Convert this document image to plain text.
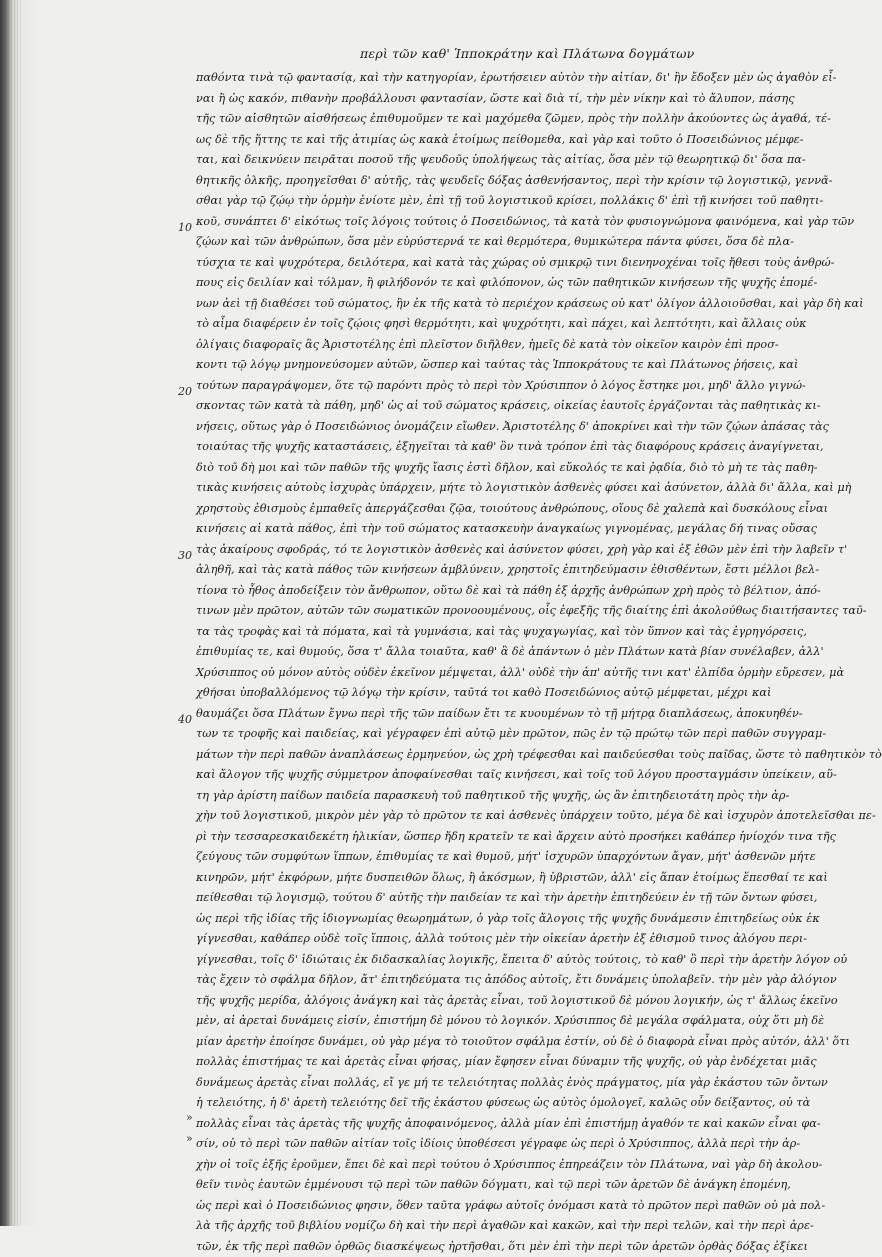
περὶ τῶν καθ' Ἱπποκράτην καὶ Πλάτωνα δογμάτων
παθόντα τινὰ τῷ φαντασίᾳ, καὶ τὴν κατηγορίαν, ἐρωτήσειεν αὐτὸν τὴν αἰτίαν, δι' ἣν ἔδοξεν μὲν ὡς ἀγαθὸν εἶ-
ναι ἢ ὡς κακόν, πιθανὴν προβάλλουσι φαντασίαν, ὥστε καὶ διὰ τί, τὴν μὲν νίκην καὶ τὸ ἄλυπον, πάσης
τῆς τῶν αἰσθητῶν αἰσθήσεως ἐπιθυμοῦμεν τε καὶ μαχόμεθα ζῶμεν, πρὸς τὴν πολλὴν ἀκούοντες ὡς ἀγαθά, τέ-
ως δὲ τῆς ἥττης τε καὶ τῆς ἀτιμίας ὡς κακὰ ἑτοίμως πείθομεθα, καὶ γὰρ καὶ τοῦτο ὁ Ποσειδώνιος μέμφε-
ται, καὶ δεικνύειν πειρᾶται ποσοῦ τῆς ψευδοῦς ὑπολήψεως τὰς αἰτίας, ὅσα μὲν τῷ θεωρητικῷ δι' ὅσα πα-
θητικῆς ὁλκῆς, προηγεῖσθαι δ' αὐτῆς, τὰς ψευδεῖς δόξας ἀσθενήσαντος, περὶ τὴν κρίσιν τῷ λογιστικῷ, γεννᾶ-
σθαι γὰρ τῷ ζῴῳ τὴν ὁρμὴν ἐνίοτε μὲν, ἐπὶ τῇ τοῦ λογιστικοῦ κρίσει, πολλάκις δ' ἐπὶ τῇ κινήσει τοῦ παθητι-
κοῦ, συνάπτει δ' εἰκότως τοῖς λόγοις τούτοις ὁ Ποσειδώνιος, τὰ κατὰ τὸν φυσιογνώμονα φαινόμενα, καὶ γὰρ τῶν
ζῴων καὶ τῶν ἀνθρώπων, ὅσα μὲν εὐρύστερνά τε καὶ θερμότερα, θυμικώτερα πάντα φύσει, ὅσα δὲ πλα-
τύσχια τε καὶ ψυχρότερα, δειλότερα, καὶ κατὰ τὰς χώρας οὐ σμικρῷ τινι διενηνοχέναι τοῖς ἤθεσι τοὺς ἀνθρώ-
πους εἰς δειλίαν καὶ τόλμαν, ἢ φιλήδονόν τε καὶ φιλόπονον, ὡς τῶν παθητικῶν κινήσεων τῆς ψυχῆς ἑπομέ-
νων ἀεὶ τῇ διαθέσει τοῦ σώματος, ἣν ἐκ τῆς κατὰ τὸ περιέχον κράσεως οὐ κατ' ὀλίγον ἀλλοιοῦσθαι, καὶ γὰρ δὴ καὶ
τὸ αἷμα διαφέρειν ἐν τοῖς ζῴοις φησὶ θερμότητι, καὶ ψυχρότητι, καὶ πάχει, καὶ λεπτότητι, καὶ ἄλλαις οὐκ
ὀλίγαις διαφοραῖς ἃς Ἀριστοτέλης ἐπὶ πλεῖστον διῆλθεν, ἡμεῖς δὲ κατὰ τὸν οἰκεῖον καιρὸν ἐπὶ προσ-
κοντι τῷ λόγῳ μνημονεύσομεν αὐτῶν, ὥσπερ καὶ ταύτας τὰς Ἱπποκράτους τε καὶ Πλάτωνος ῥήσεις, καὶ
τούτων παραγράψομεν, ὅτε τῷ παρόντι πρὸς τὸ περὶ τὸν Χρύσιππον ὁ λόγος ἔστηκε μοι, μηδ' ἄλλο γιγνώ-
σκοντας τῶν κατὰ τὰ πάθη, μηδ' ὡς αἱ τοῦ σώματος κράσεις, οἰκείας ἑαυτοῖς ἐργάζονται τὰς παθητικὰς κι-
νήσεις, οὕτως γὰρ ὁ Ποσειδώνιος ὀνομάζειν εἴωθεν. Ἀριστοτέλης δ' ἀποκρίνει καὶ τὴν τῶν ζῴων ἁπάσας τὰς
τοιαύτας τῆς ψυχῆς καταστάσεις, ἐξηγεῖται τὰ καθ' ὃν τινὰ τρόπον ἐπὶ τὰς διαφόρους κράσεις ἀναγίγνεται,
διὸ τοῦ δὴ μοι καὶ τῶν παθῶν τῆς ψυχῆς ἴασις ἐστὶ δῆλον, καὶ εὔκολός τε καὶ ῥᾳδία, διὸ τὸ μὴ τε τὰς παθη-
τικὰς κινήσεις αὐτοὺς ἰσχυρὰς ὑπάρχειν, μήτε τὸ λογιστικὸν ἀσθενὲς φύσει καὶ ἀσύνετον, ἀλλὰ δι' ἄλλα, καὶ μὴ
χρηστοὺς ἐθισμοὺς ἐμπαθεῖς ἀπεργάζεσθαι ζῷα, τοιούτους ἀνθρώπους, οἵους δὲ χαλεπὰ καὶ δυσκόλους εἶναι
κινήσεις αἱ κατὰ πάθος, ἐπὶ τὴν τοῦ σώματος κατασκευὴν ἀναγκαίως γιγνομένας, μεγάλας δή τινας οὔσας
τὰς ἀκαίρους σφοδράς, τό τε λογιστικὸν ἀσθενὲς καὶ ἀσύνετον φύσει, χρὴ γὰρ καὶ ἐξ ἐθῶν μὲν ἐπὶ τὴν λαβεῖν τ'
ἀληθῆ, καὶ τὰς κατὰ πάθος τῶν κινήσεων ἀμβλύνειν, χρηστοῖς ἐπιτηδεύμασιν ἐθισθέντων, ἔστι μέλλοι βελ-
τίονα τὸ ἦθος ἀποδείξειν τὸν ἄνθρωπον, οὕτω δὲ καὶ τὰ πάθη ἐξ ἀρχῆς ἀνθρώπων χρὴ πρὸς τὸ βέλτιον, ἀπό-
τινων μὲν πρῶτον, αὐτῶν τῶν σωματικῶν προνοουμένους, οἷς ἐφεξῆς τῆς διαίτης ἐπὶ ἀκολούθως διαιτήσαντες ταῦ-
τα τὰς τροφὰς καὶ τὰ πόματα, καὶ τὰ γυμνάσια, καὶ τὰς ψυχαγωγίας, καὶ τὸν ὕπνον καὶ τὰς ἐγρηγόρσεις,
ἐπιθυμίας τε, καὶ θυμούς, ὅσα τ' ἄλλα τοιαῦτα, καθ' ἃ δὲ ἁπάντων ὁ μὲν Πλάτων κατὰ βίαν συνέλαβεν, ἀλλ'
Χρύσιππος οὐ μόνον αὐτὸς οὐδὲν ἐκεῖνον μέμψεται, ἀλλ' οὐδὲ τὴν ἀπ' αὐτῆς τινι κατ' ἐλπίδα ὁρμὴν εὔρεσεν, μὰ
χθήσαι ὑποβαλλόμενος τῷ λόγῳ τὴν κρίσιν, ταῦτά τοι καθὸ Ποσειδώνιος αὐτῷ μέμφεται, μέχρι καὶ
θαυμάζει ὅσα Πλάτων ἔγνω περὶ τῆς τῶν παίδων ἔτι τε κυουμένων τὸ τῇ μήτρᾳ διαπλάσεως, ἀποκυηθέν-
των τε τροφῆς καὶ παιδείας, καὶ γέγραφεν ἐπὶ αὐτῷ μὲν πρῶτον, πῶς ἐν τῷ πρώτῳ τῶν περὶ παθῶν συγγραμ-
μάτων τὴν περὶ παθῶν ἀναπλάσεως ἑρμηνεύον, ὡς χρὴ τρέφεσθαι καὶ παιδεύεσθαι τοὺς παῖδας, ὥστε τὸ παθητικὸν τὸ
καὶ ἄλογον τῆς ψυχῆς σύμμετρον ἀποφαίνεσθαι ταῖς κινήσεσι, καὶ τοῖς τοῦ λόγου προσταγμάσιν ὑπείκειν, αὕ-
τη γὰρ ἀρίστη παίδων παιδεία παρασκευὴ τοῦ παθητικοῦ τῆς ψυχῆς, ὡς ἂν ἐπιτηδειοτάτη πρὸς τὴν ἀρ-
χὴν τοῦ λογιστικοῦ, μικρὸν μὲν γὰρ τὸ πρῶτον τε καὶ ἀσθενὲς ὑπάρχειν τοῦτο, μέγα δὲ καὶ ἰσχυρὸν ἀποτελεῖσθαι πε-
ρὶ τὴν τεσσαρεσκαιδεκέτη ἡλικίαν, ὥσπερ ἤδη κρατεῖν τε καὶ ἄρχειν αὐτὸ προσήκει καθάπερ ἡνίοχόν τινα τῆς
ζεύγους τῶν συμφύτων ἵππων, ἐπιθυμίας τε καὶ θυμοῦ, μήτ' ἰσχυρῶν ὑπαρχόντων ἄγαν, μήτ' ἀσθενῶν μήτε
κινηρῶν, μήτ' ἐκφόρων, μήτε δυσπειθῶν ὅλως, ἢ ἀκόσμων, ἢ ὑβριστῶν, ἀλλ' εἰς ἅπαν ἑτοίμως ἕπεσθαί τε καὶ
πείθεσθαι τῷ λογισμῷ, τούτου δ' αὐτῆς τὴν παιδείαν τε καὶ τὴν ἀρετὴν ἐπιτηδεύειν ἐν τῇ τῶν ὄντων φύσει,
ὡς περὶ τῆς ἰδίας τῆς ἰδιογνωμίας θεωρημάτων, ὁ γὰρ τοῖς ἄλογοις τῆς ψυχῆς δυνάμεσιν ἐπιτηδείως οὐκ ἐκ
γίγνεσθαι, καθάπερ οὐδὲ τοῖς ἵπποις, ἀλλὰ τούτοις μὲν τὴν οἰκείαν ἀρετὴν ἐξ ἐθισμοῦ τινος ἀλόγου περι-
γίγνεσθαι, τοῖς δ' ἰδιώταις ἐκ διδασκαλίας λογικῆς, ἔπειτα δ' αὐτὸς τούτοις, τὸ καθ' ὃ περὶ τὴν ἀρετὴν λόγον οὐ
τὰς ἔχειν τὸ σφάλμα δῆλον, ἄτ' ἐπιτηδεύματα τις ἀπόδος αὐτοῖς, ἔτι δυνάμεις ὑπολαβεῖν. τὴν μὲν γὰρ ἀλόγιον
τῆς ψυχῆς μερίδα, ἀλόγοις ἀνάγκη καὶ τὰς ἀρετὰς εἶναι, τοῦ λογιστικοῦ δὲ μόνου λογικήν, ὡς τ' ἄλλως ἐκεῖνο
μὲν, αἱ ἀρεταὶ δυνάμεις εἰσίν, ἐπιστήμη δὲ μόνου τὸ λογικόν. Χρύσιππος δὲ μεγάλα σφάλματα, οὐχ ὅτι μὴ δὲ
μίαν ἀρετὴν ἐποίησε δυνάμει, οὐ γὰρ μέγα τὸ τοιοῦτον σφάλμα ἐστίν, οὐ δὲ ὁ διαφορὰ εἶναι πρὸς αὐτόν, ἀλλ' ὅτι
πολλὰς ἐπιστήμας τε καὶ ἀρετὰς εἶναι φήσας, μίαν ἔφησεν εἶναι δύναμιν τῆς ψυχῆς, οὐ γὰρ ἐνδέχεται μιᾶς
δυνάμεως ἀρετὰς εἶναι πολλάς, εἴ γε μή τε τελειότητας πολλὰς ἑνὸς πράγματος, μία γὰρ ἑκάστου τῶν ὄντων
ἡ τελειότης, ἡ δ' ἀρετὴ τελειότης δεῖ τῆς ἑκάστου φύσεως ὡς αὐτὸς ὁμολογεῖ, καλῶς οὖν δείξαντος, οὐ τὰ
πολλὰς εἶναι τὰς ἀρετὰς τῆς ψυχῆς ἀποφαινόμενος, ἀλλὰ μίαν ἐπὶ ἐπιστήμῃ ἀγαθόν τε καὶ κακῶν εἶναι φα-
σίν, οὐ τὸ περὶ τῶν παθῶν αἰτίαν τοῖς ἰδίοις ὑποθέσεσι γέγραφε ὡς περὶ ὁ Χρύσιππος, ἀλλὰ περὶ τὴν ἀρ-
χὴν οἱ τοῖς ἐξῆς ἐροῦμεν, ἔπει δὲ καὶ περὶ τούτου ὁ Χρύσιππος ἐπηρεάζειν τὸν Πλάτωνα, ναὶ γὰρ δὴ ἀκολου-
θεῖν τινὸς ἑαυτῶν ἐμμένουσι τῷ περὶ τῶν παθῶν δόγματι, καὶ τῷ περὶ τῶν ἀρετῶν δὲ ἀνάγκη ἐπομένη,
ὡς περὶ καὶ ὁ Ποσειδώνιος φησιν, ὅθεν ταῦτα γράφω αὐτοῖς ὀνόμασι κατὰ τὸ πρῶτον περὶ παθῶν οὐ μὰ πολ-
λὰ τῆς ἀρχῆς τοῦ βιβλίου νομίζω δὴ καὶ τὴν περὶ ἀγαθῶν καὶ κακῶν, καὶ τὴν περὶ τελῶν, καὶ τὴν περὶ ἀρε-
τῶν, ἐκ τῆς περὶ παθῶν ὀρθῶς διασκέψεως ἠρτῆσθαι, ὅτι μὲν ἐπὶ τὴν περὶ τῶν ἀρετῶν ὀρθὰς δόξας ἐξίκει
10
20
30
40
»
»
